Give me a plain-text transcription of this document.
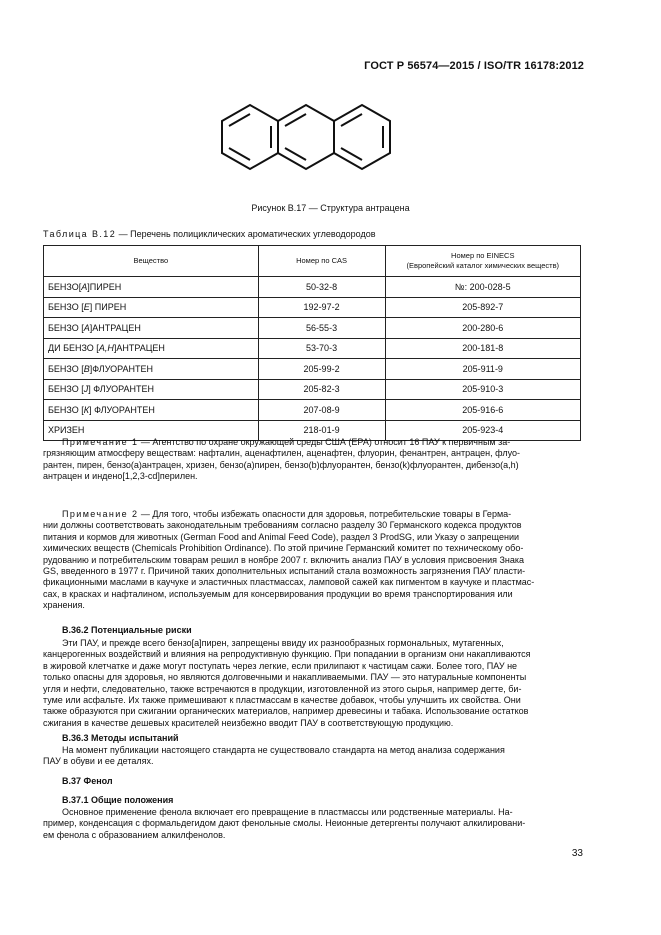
ГОСТ Р 56574—2015 / ISO/TR 16178:2012
Рисунок В.17 — Структура антрацена
Таблица В.12 — Перечень полициклических ароматических углеводородов
Вещество	Номер по CAS	Номер по EINECS
(Европейский каталог химических веществ)
БЕНЗО[А]ПИРЕН	50-32-8	№: 200-028-5
БЕНЗО [Е] ПИРЕН	192-97-2	205-892-7
БЕНЗО [А]АНТРАЦЕН	56-55-3	200-280-6
ДИ БЕНЗО [А,Н]АНТРАЦЕН	53-70-3	200-181-8
БЕНЗО [В]ФЛУОРАНТЕН	205-99-2	205-911-9
БЕНЗО [J] ФЛУОРАНТЕН	205-82-3	205-910-3
БЕНЗО [К] ФЛУОРАНТЕН	207-08-9	205-916-6
ХРИЗЕН	218-01-9	205-923-4
Примечание 1 — Агентство по охране окружающей среды США (ЕРА) относит 16 ПАУ к первичным за-
грязняющим атмосферу веществам: нафталин, аценафтилен, аценафтен, флуорин, фенантрен, антрацен, флуо-
рантен, пирен, бензо(а)антрацен, хризен, бензо(а)пирен, бензо(b)флуорантен, бензо(k)флуорантен, дибензо(а,h)
антрацен и индено[1,2,3-cd]перилен.
Примечание 2 — Для того, чтобы избежать опасности для здоровья, потребительские товары в Герма-
нии должны соответствовать законодательным требованиям согласно разделу 30 Германского кодекса продуктов
питания и кормов для животных (German Food and Animal Feed Code), раздел 3 ProdSG, или Указу о запрещении
химических веществ (Chemicals Prohibition Ordinance). По этой причине Германский комитет по техническому обо-
рудованию и потребительским товарам решил в ноябре 2007 г. включить анализ ПАУ в условия присвоения Знака
GS, введенного в 1977 г. Причиной таких дополнительных испытаний стала возможность загрязнения ПАУ пласти-
фикационными маслами в каучуке и эластичных пластмассах, ламповой сажей как пигментом в каучуке и пластмас-
сах, в красках и нафталином, используемым для консервирования продукции во время транспортирования или
хранения.
В.36.2 Потенциальные риски
Эти ПАУ, и прежде всего бензо[а]пирен, запрещены ввиду их разнообразных гормональных, мутагенных,
канцерогенных воздействий и влияния на репродуктивную функцию. При попадании в организм они накапливаются
в жировой клетчатке и даже могут поступать через легкие, если прилипают к частицам сажи. Более того, ПАУ не
только опасны для здоровья, но являются долговечными и накапливаемыми. ПАУ — это натуральные компоненты
угля и нефти, следовательно, также встречаются в продукции, изготовленной из этого сырья, например дегте, би-
туме или асфальте. Их также примешивают к пластмассам в качестве добавок, чтобы улучшить их свойства. Они
также образуются при сжигании органических материалов, например древесины и табака. Использование остатков
сжигания в качестве дешевых красителей неизбежно вводит ПАУ в соответствующую продукцию.
В.36.3 Методы испытаний
На момент публикации настоящего стандарта не существовало стандарта на метод анализа содержания
ПАУ в обуви и ее деталях.
В.37 Фенол
В.37.1 Общие положения
Основное применение фенола включает его превращение в пластмассы или родственные материалы. На-
пример, конденсация с формальдегидом дают фенольные смолы. Неионные детергенты получают алкилировани-
ем фенола с образованием алкилфенолов.
33
